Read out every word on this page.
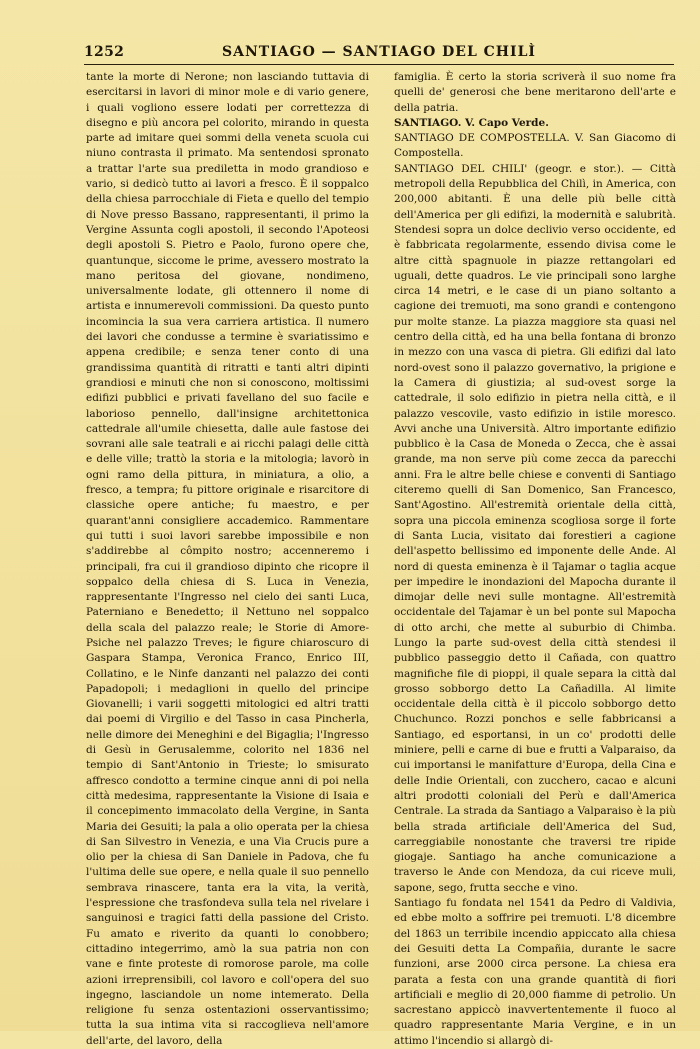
1252	SANTIAGO — SANTIAGO DEL CHILÌ

tante la morte di Nerone; non lasciando tuttavia di esercitarsi in lavori di minor mole e di vario genere, i quali vogliono essere lodati per correttezza di disegno e più ancora pel colorito, mirando in questa parte ad imitare quei sommi della veneta scuola cui niuno contrasta il primato. Ma sentendosi spronato a trattar l'arte sua prediletta in modo grandioso e vario, si dedicò tutto ai lavori a fresco. È il soppalco della chiesa parrocchiale di Fieta e quello del tempio di Nove presso Bassano, rappresentanti, il primo la Vergine Assunta cogli apostoli, il secondo l'Apoteosi degli apostoli S. Pietro e Paolo, furono opere che, quantunque, siccome le prime, avessero mostrato la mano peritosa del giovane, nondimeno, universalmente lodate, gli ottennero il nome di artista e innumerevoli commissioni. Da questo punto incomincia la sua vera carriera artistica. Il numero dei lavori che condusse a termine è svariatissimo e appena credibile; e senza tener conto di una grandissima quantità di ritratti e tanti altri dipinti grandiosi e minuti che non si conoscono, moltissimi edifizi pubblici e privati favellano del suo facile e laborioso pennello, dall'insigne architettonica cattedrale all'umile chiesetta, dalle aule fastose dei sovrani alle sale teatrali e ai ricchi palagi delle città e delle ville; trattò la storia e la mitologia; lavorò in ogni ramo della pittura, in miniatura, a olio, a fresco, a tempra; fu pittore originale e risarcitore di classiche opere antiche; fu maestro, e per quarant'anni consigliere accademico. Rammentare qui tutti i suoi lavori sarebbe impossibile e non s'addirebbe al cômpito nostro; accenneremo i principali, fra cui il grandioso dipinto che ricopre il soppalco della chiesa di S. Luca in Venezia, rappresentante l'Ingresso nel cielo dei santi Luca, Paterniano e Benedetto; il Nettuno nel soppalco della scala del palazzo reale; le Storie di Amore-Psiche nel palazzo Treves; le figure chiaroscuro di Gaspara Stampa, Veronica Franco, Enrico III, Collatino, e le Ninfe danzanti nel palazzo dei conti Papadopoli; i medaglioni in quello del principe Giovanelli; i varii soggetti mitologici ed altri tratti dai poemi di Virgilio e del Tasso in casa Pincherla, nelle dimore dei Meneghini e del Bigaglia; l'Ingresso di Gesù in Gerusalemme, colorito nel 1836 nel tempio di Sant'Antonio in Trieste; lo smisurato affresco condotto a termine cinque anni di poi nella città medesima, rappresentante la Visione di Isaia e il concepimento immacolato della Vergine, in Santa Maria dei Gesuiti; la pala a olio operata per la chiesa di San Silvestro in Venezia, e una Via Crucis pure a olio per la chiesa di San Daniele in Padova, che fu l'ultima delle sue opere, e nella quale il suo pennello sembrava rinascere, tanta era la vita, la verità, l'espressione che trasfondeva sulla tela nel rivelare i sanguinosi e tragici fatti della passione del Cristo. Fu amato e riverito da quanti lo conobbero; cittadino integerrimo, amò la sua patria non con vane e finte proteste di romorose parole, ma colle azioni irreprensibili, col lavoro e coll'opera del suo ingegno, lasciandole un nome intemerato. Della religione fu senza ostentazioni osservantissimo; tutta la sua intima vita si raccoglieva nell'amore dell'arte, del lavoro, della

famiglia. È certo la storia scriverà il suo nome fra quelli de' generosi che bene meritarono dell'arte e della patria.

SANTIAGO. V. Capo Verde.

SANTIAGO DE COMPOSTELLA. V. San Giacomo di Compostella.

SANTIAGO DEL CHILI' (geogr. e stor.). — Città metropoli della Repubblica del Chilì, in America, con 200,000 abitanti. È una delle più belle città dell'America per gli edifizi, la modernità e salubrità. Stendesi sopra un dolce declivio verso occidente, ed è fabbricata regolarmente, essendo divisa come le altre città spagnuole in piazze rettangolari ed uguali, dette quadros. Le vie principali sono larghe circa 14 metri, e le case di un piano soltanto a cagione dei tremuoti, ma sono grandi e contengono pur molte stanze. La piazza maggiore sta quasi nel centro della città, ed ha una bella fontana di bronzo in mezzo con una vasca di pietra. Gli edifizi dal lato nord-ovest sono il palazzo governativo, la prigione e la Camera di giustizia; al sud-ovest sorge la cattedrale, il solo edifizio in pietra nella città, e il palazzo vescovile, vasto edifizio in istile moresco. Avvi anche una Università. Altro importante edifizio pubblico è la Casa de Moneda o Zecca, che è assai grande, ma non serve più come zecca da parecchi anni. Fra le altre belle chiese e conventi di Santiago citeremo quelli di San Domenico, San Francesco, Sant'Agostino. All'estremità orientale della città, sopra una piccola eminenza scogliosa sorge il forte di Santa Lucia, visitato dai forestieri a cagione dell'aspetto bellissimo ed imponente delle Ande. Al nord di questa eminenza è il Tajamar o taglia acque per impedire le inondazioni del Mapocha durante il dimojar delle nevi sulle montagne. All'estremità occidentale del Tajamar è un bel ponte sul Mapocha di otto archi, che mette al suburbio di Chimba. Lungo la parte sud-ovest della città stendesi il pubblico passeggio detto il Cañada, con quattro magnifiche file di pioppi, il quale separa la città dal grosso sobborgo detto La Cañadilla. Al limite occidentale della città è il piccolo sobborgo detto Chuchunco. Rozzi ponchos e selle fabbricansi a Santiago, ed esportansi, in un co' prodotti delle miniere, pelli e carne di bue e frutti a Valparaiso, da cui importansi le manifatture d'Europa, della Cina e delle Indie Orientali, con zucchero, cacao e alcuni altri prodotti coloniali del Perù e dall'America Centrale. La strada da Santiago a Valparaiso è la più bella strada artificiale dell'America del Sud, carreggiabile nonostante che traversi tre ripide giogaje. Santiago ha anche comunicazione a traverso le Ande con Mendoza, da cui riceve muli, sapone, sego, frutta secche e vino.

Santiago fu fondata nel 1541 da Pedro di Valdivia, ed ebbe molto a soffrire pei tremuoti. L'8 dicembre del 1863 un terribile incendio appiccato alla chiesa dei Gesuiti detta La Compañia, durante le sacre funzioni, arse 2000 circa persone. La chiesa era parata a festa con una grande quantità di fiori artificiali e meglio di 20,000 fiamme di petrolio. Un sacrestano appiccò inavvertentemente il fuoco al quadro rappresentante Maria Vergine, e in un attimo l'incendio si allargò di-
